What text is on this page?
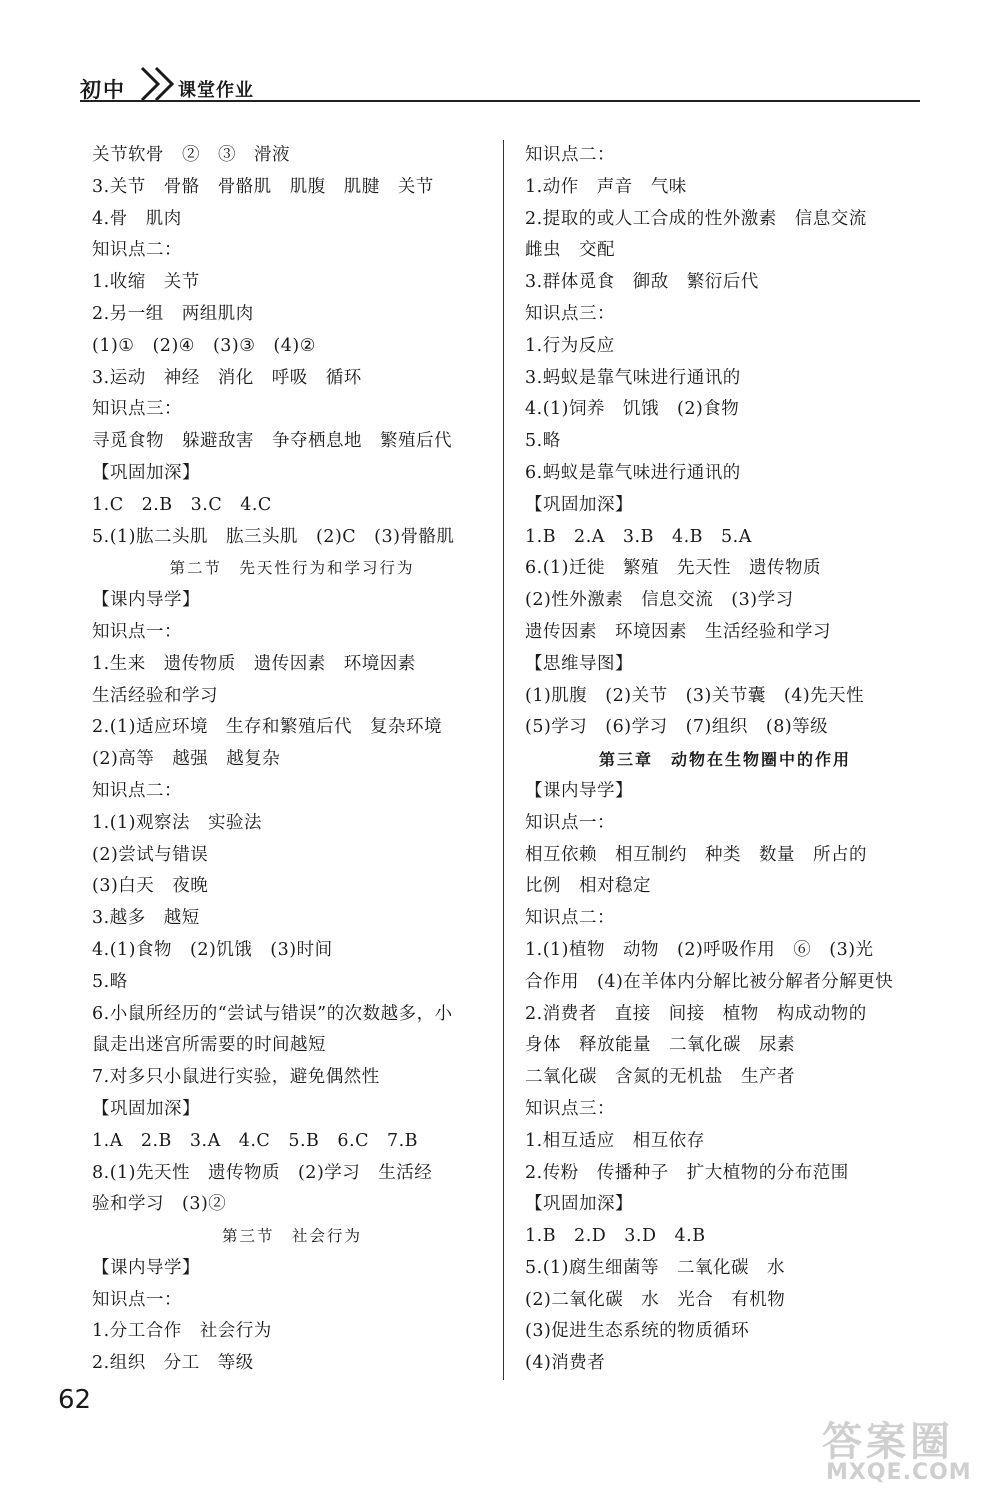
初中	课堂作业
关节软骨　②　③　滑液
3.关节　骨骼　骨骼肌　肌腹　肌腱　关节
4.骨　肌肉
知识点二：
1.收缩　关节
2.另一组　两组肌肉
(1)①　(2)④　(3)③　(4)②
3.运动　神经　消化　呼吸　循环
知识点三：
寻觅食物　躲避敌害　争夺栖息地　繁殖后代
【巩固加深】
1.C　2.B　3.C　4.C
5.(1)肱二头肌　肱三头肌　(2)C　(3)骨骼肌
第二节　先天性行为和学习行为
【课内导学】
知识点一：
1.生来　遗传物质　遗传因素　环境因素
生活经验和学习
2.(1)适应环境　生存和繁殖后代　复杂环境
(2)高等　越强　越复杂
知识点二：
1.(1)观察法　实验法
(2)尝试与错误
(3)白天　夜晚
3.越多　越短
4.(1)食物　(2)饥饿　(3)时间
5.略
6.小鼠所经历的“尝试与错误”的次数越多，小
鼠走出迷宫所需要的时间越短
7.对多只小鼠进行实验，避免偶然性
【巩固加深】
1.A　2.B　3.A　4.C　5.B　6.C　7.B
8.(1)先天性　遗传物质　(2)学习　生活经
验和学习　(3)②
第三节　社会行为
【课内导学】
知识点一：
1.分工合作　社会行为
2.组织　分工　等级
知识点二：
1.动作　声音　气味
2.提取的或人工合成的性外激素　信息交流
雌虫　交配
3.群体觅食　御敌　繁衍后代
知识点三：
1.行为反应
3.蚂蚁是靠气味进行通讯的
4.(1)饲养　饥饿　(2)食物
5.略
6.蚂蚁是靠气味进行通讯的
【巩固加深】
1.B　2.A　3.B　4.B　5.A
6.(1)迁徙　繁殖　先天性　遗传物质
(2)性外激素　信息交流　(3)学习
遗传因素　环境因素　生活经验和学习
【思维导图】
(1)肌腹　(2)关节　(3)关节囊　(4)先天性
(5)学习　(6)学习　(7)组织　(8)等级
第三章　动物在生物圈中的作用
【课内导学】
知识点一：
相互依赖　相互制约　种类　数量　所占的
比例　相对稳定
知识点二：
1.(1)植物　动物　(2)呼吸作用　⑥　(3)光
合作用　(4)在羊体内分解比被分解者分解更快
2.消费者　直接　间接　植物　构成动物的
身体　释放能量　二氧化碳　尿素
二氧化碳　含氮的无机盐　生产者
知识点三：
1.相互适应　相互依存
2.传粉　传播种子　扩大植物的分布范围
【巩固加深】
1.B　2.D　3.D　4.B
5.(1)腐生细菌等　二氧化碳　水
(2)二氧化碳　水　光合　有机物
(3)促进生态系统的物质循环
(4)消费者
62
答案圈
MXQE.COM
